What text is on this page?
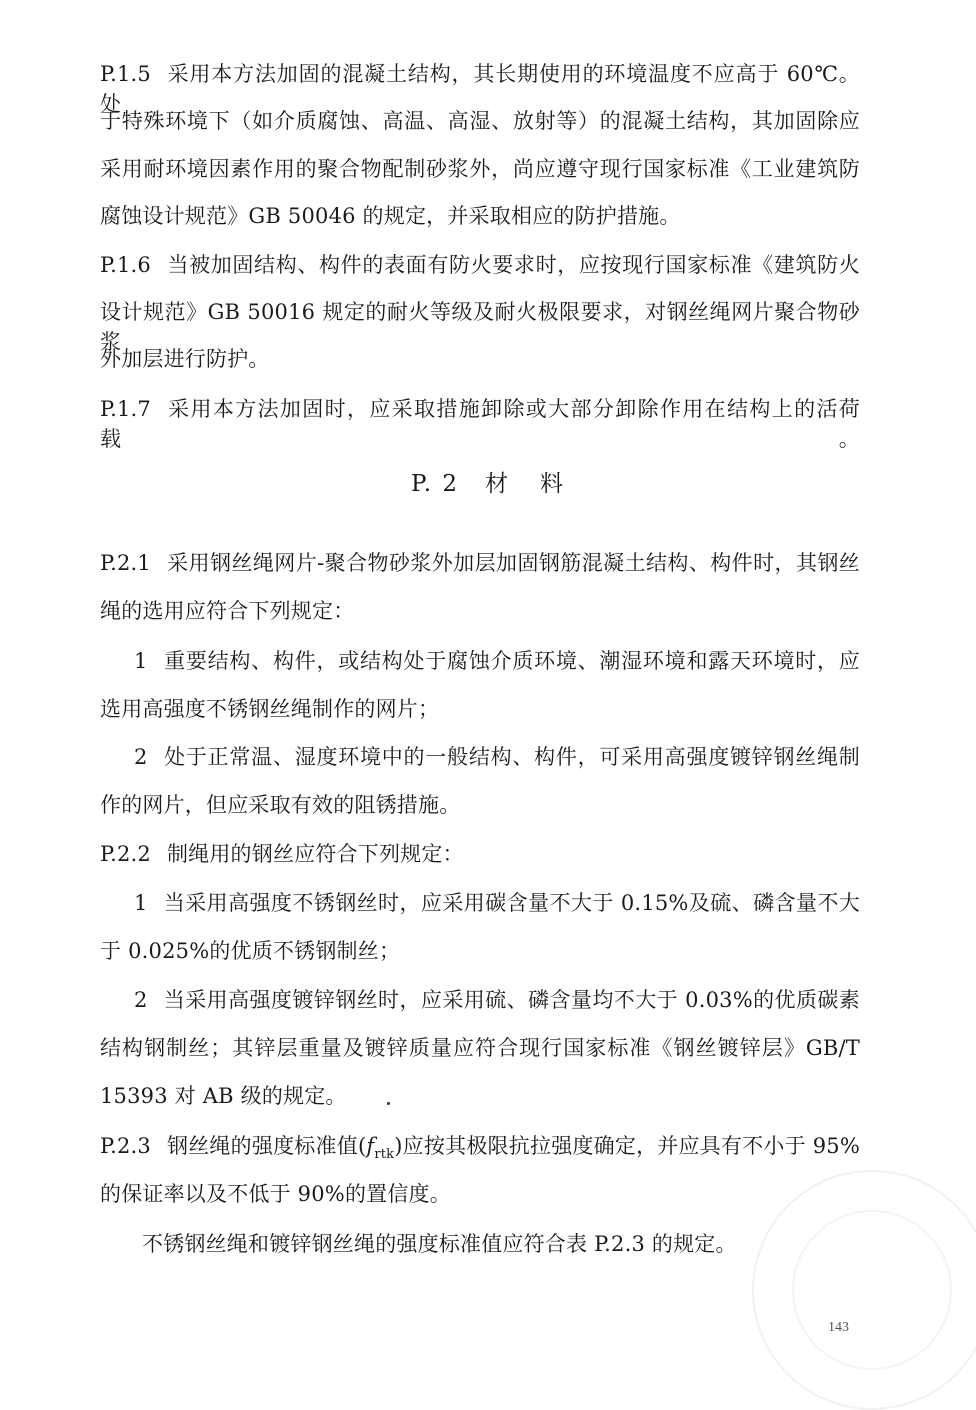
P.1.5 采用本方法加固的混凝土结构，其长期使用的环境温度不应高于 60℃。处
于特殊环境下（如介质腐蚀、高温、高湿、放射等）的混凝土结构，其加固除应
采用耐环境因素作用的聚合物配制砂浆外，尚应遵守现行国家标准《工业建筑防
腐蚀设计规范》GB 50046 的规定，并采取相应的防护措施。
P.1.6 当被加固结构、构件的表面有防火要求时，应按现行国家标准《建筑防火
设计规范》GB 50016 规定的耐火等级及耐火极限要求，对钢丝绳网片聚合物砂浆
外加层进行防护。
P.1.7 采用本方法加固时，应采取措施卸除或大部分卸除作用在结构上的活荷载。
P. 2 材 料
P.2.1 采用钢丝绳网片-聚合物砂浆外加层加固钢筋混凝土结构、构件时，其钢丝
绳的选用应符合下列规定：
1 重要结构、构件，或结构处于腐蚀介质环境、潮湿环境和露天环境时，应
选用高强度不锈钢丝绳制作的网片；
2 处于正常温、湿度环境中的一般结构、构件，可采用高强度镀锌钢丝绳制
作的网片，但应采取有效的阻锈措施。
P.2.2 制绳用的钢丝应符合下列规定：
1 当采用高强度不锈钢丝时，应采用碳含量不大于 0.15%及硫、磷含量不大
于 0.025%的优质不锈钢制丝；
2 当采用高强度镀锌钢丝时，应采用硫、磷含量均不大于 0.03%的优质碳素
结构钢制丝；其锌层重量及镀锌质量应符合现行国家标准《钢丝镀锌层》GB/T
15393 对 AB 级的规定。
P.2.3 钢丝绳的强度标准值$(f_{rtk})$应按其极限抗拉强度确定，并应具有不小于 95%
的保证率以及不低于 90%的置信度。
不锈钢丝绳和镀锌钢丝绳的强度标准值应符合表 P.2.3 的规定。
143
